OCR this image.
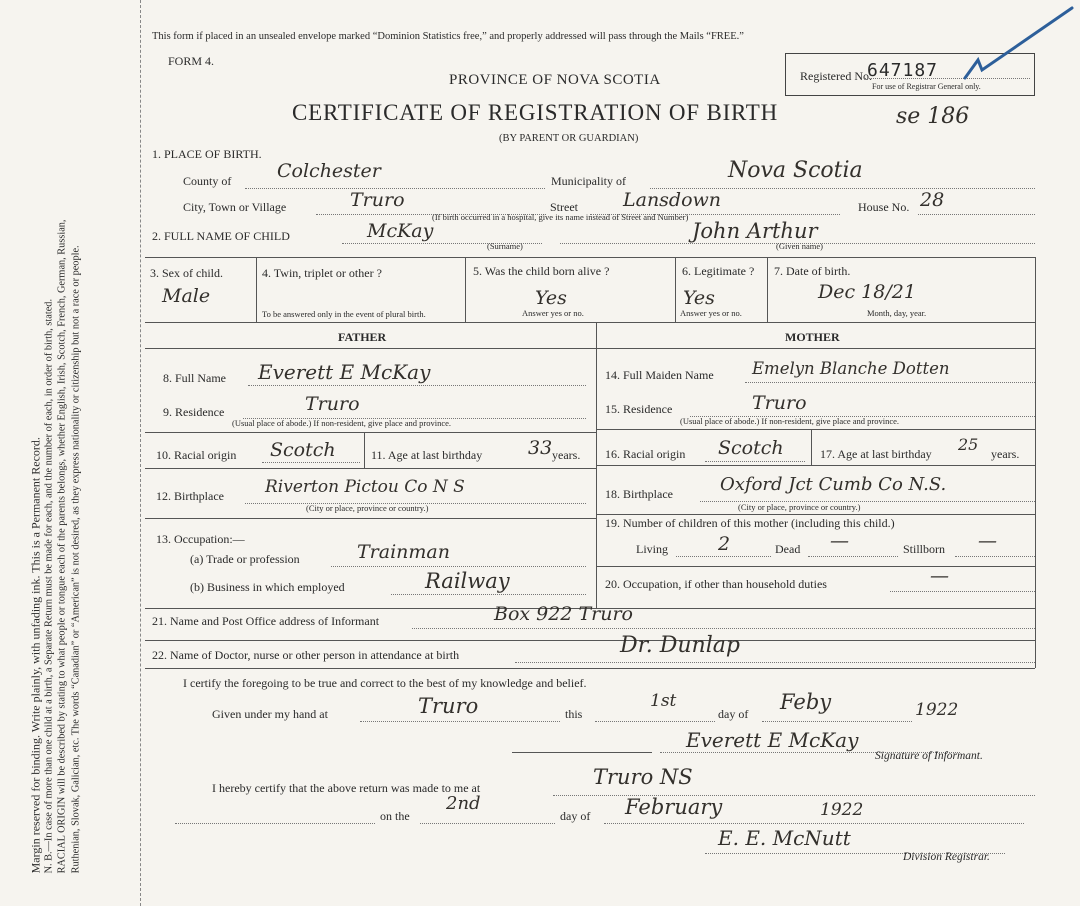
Margin reserved for binding. Write plainly, with unfading ink. This is a Permanent Record. N. B.—In case of more than one child at a birth, a Separate Return must be made for each, and the number of each, in order of birth, stated. RACIAL ORIGIN will be described by stating to what people or tongue each of the parents belongs, whether English, Irish, Scotch, French, German, Russian, Ruthenian, Slovak, Galician, etc. The words “Canadian” or “American” is not desired, as they express nationality or citizenship but not a race or people.
This form if placed in an unsealed envelope marked “Dominion Statistics free,” and properly addressed will pass through the Mails “FREE.”
FORM 4.
PROVINCE OF NOVA SCOTIA
CERTIFICATE OF REGISTRATION OF BIRTH
(BY PARENT OR GUARDIAN)
Registered No.
647187
For use of Registrar General only.
se 186
1. PLACE OF BIRTH.
County of Colchester	Municipality of	Nova Scotia
City, Town or Village	Truro	Street Lansdown	House No. 28
(If birth occurred in a hospital, give its name instead of Street and Number)
2. FULL NAME OF CHILD	McKay
(Surname)
John Arthur
(Given name)
3. Sex of child.
Male
4. Twin, triplet or other ?
To be answered only in the event of plural birth.
5. Was the child born alive ?
Yes
Answer yes or no.
6. Legitimate ?
Yes
Answer yes or no.
7. Date of birth.
Dec 18/21
Month, day, year.
FATHER	MOTHER
8. Full Name Everett E McKay
9. Residence	Truro
(Usual place of abode.) If non-resident, give place and province.
10. Racial origin Scotch	11. Age at last birthday 33 years.
12. Birthplace Riverton Pictou Co N S
(City or place, province or country.)
13. Occupation:—
(a) Trade or profession	Trainman
(b) Business in which employed	Railway
14. Full Maiden Name Emelyn Blanche Dotten
15. Residence	Truro
(Usual place of abode.) If non-resident, give place and province.
16. Racial origin Scotch	17. Age at last birthday 25 years.
18. Birthplace	Oxford Jct Cumb Co N.S.
(City or place, province or country.)
19. Number of children of this mother (including this child.)
Living	2	Dead —	Stillborn —
20. Occupation, if other than household duties	—
21. Name and Post Office address of Informant	Box 922 Truro
22. Name of Doctor, nurse or other person in attendance at birth	Dr. Dunlap
I certify the foregoing to be true and correct to the best of my knowledge and belief.
Given under my hand at	Truro	this
1st
day of Feby	1922
Everett E McKay
Signature of Informant.
I hereby certify that the above return was made to me at	Truro NS
on the
2nd
day of February	1922
E. E. McNutt
Division Registrar.
